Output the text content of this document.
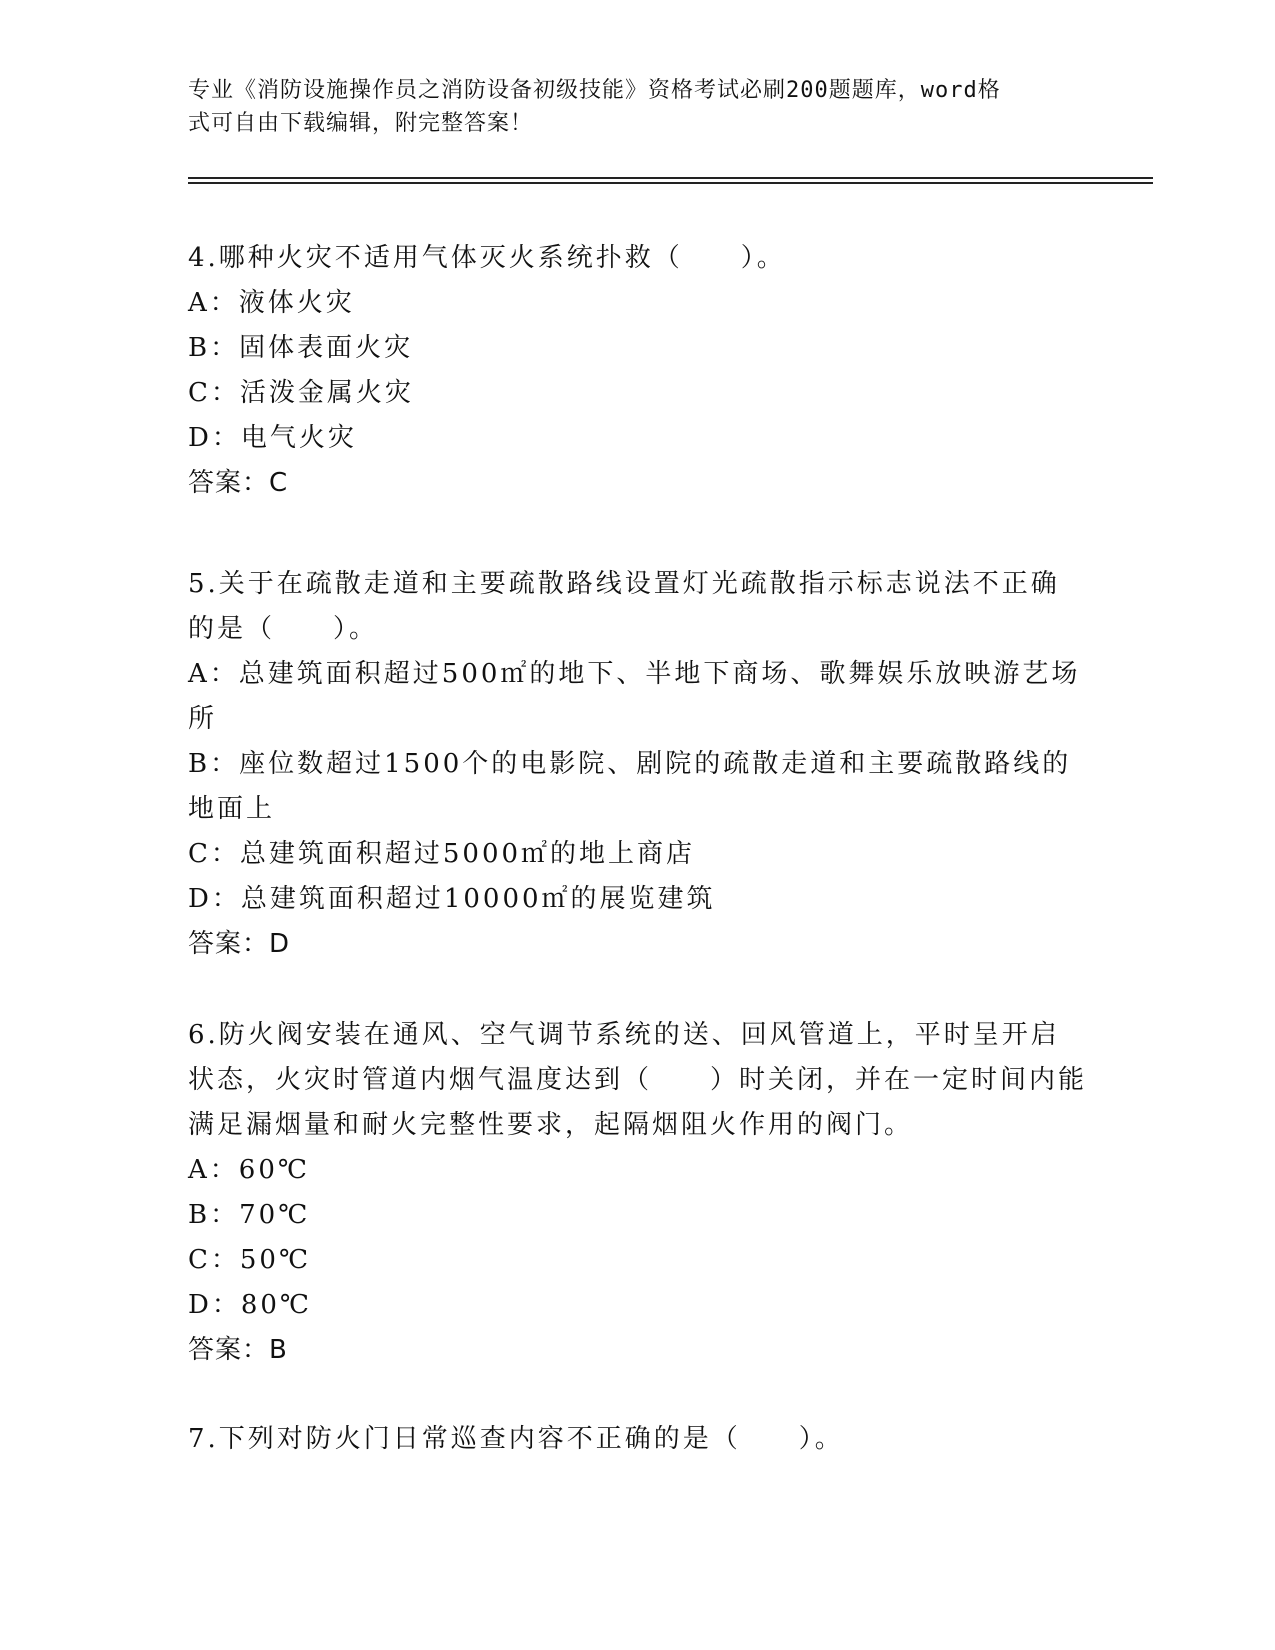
专业《消防设施操作员之消防设备初级技能》资格考试必刷200题题库，word格
式可自由下载编辑，附完整答案！
4.哪种火灾不适用气体灭火系统扑救（　　）。
A：液体火灾
B：固体表面火灾
C：活泼金属火灾
D：电气火灾
答案：C
5.关于在疏散走道和主要疏散路线设置灯光疏散指示标志说法不正确
的是（　　）。
A：总建筑面积超过500㎡的地下、半地下商场、歌舞娱乐放映游艺场
所
B：座位数超过1500个的电影院、剧院的疏散走道和主要疏散路线的
地面上
C：总建筑面积超过5000㎡的地上商店
D：总建筑面积超过10000㎡的展览建筑
答案：D
6.防火阀安装在通风、空气调节系统的送、回风管道上，平时呈开启
状态，火灾时管道内烟气温度达到（　　）时关闭，并在一定时间内能
满足漏烟量和耐火完整性要求，起隔烟阻火作用的阀门。
A：60℃
B：70℃
C：50℃
D：80℃
答案：B
7.下列对防火门日常巡查内容不正确的是（　　）。
